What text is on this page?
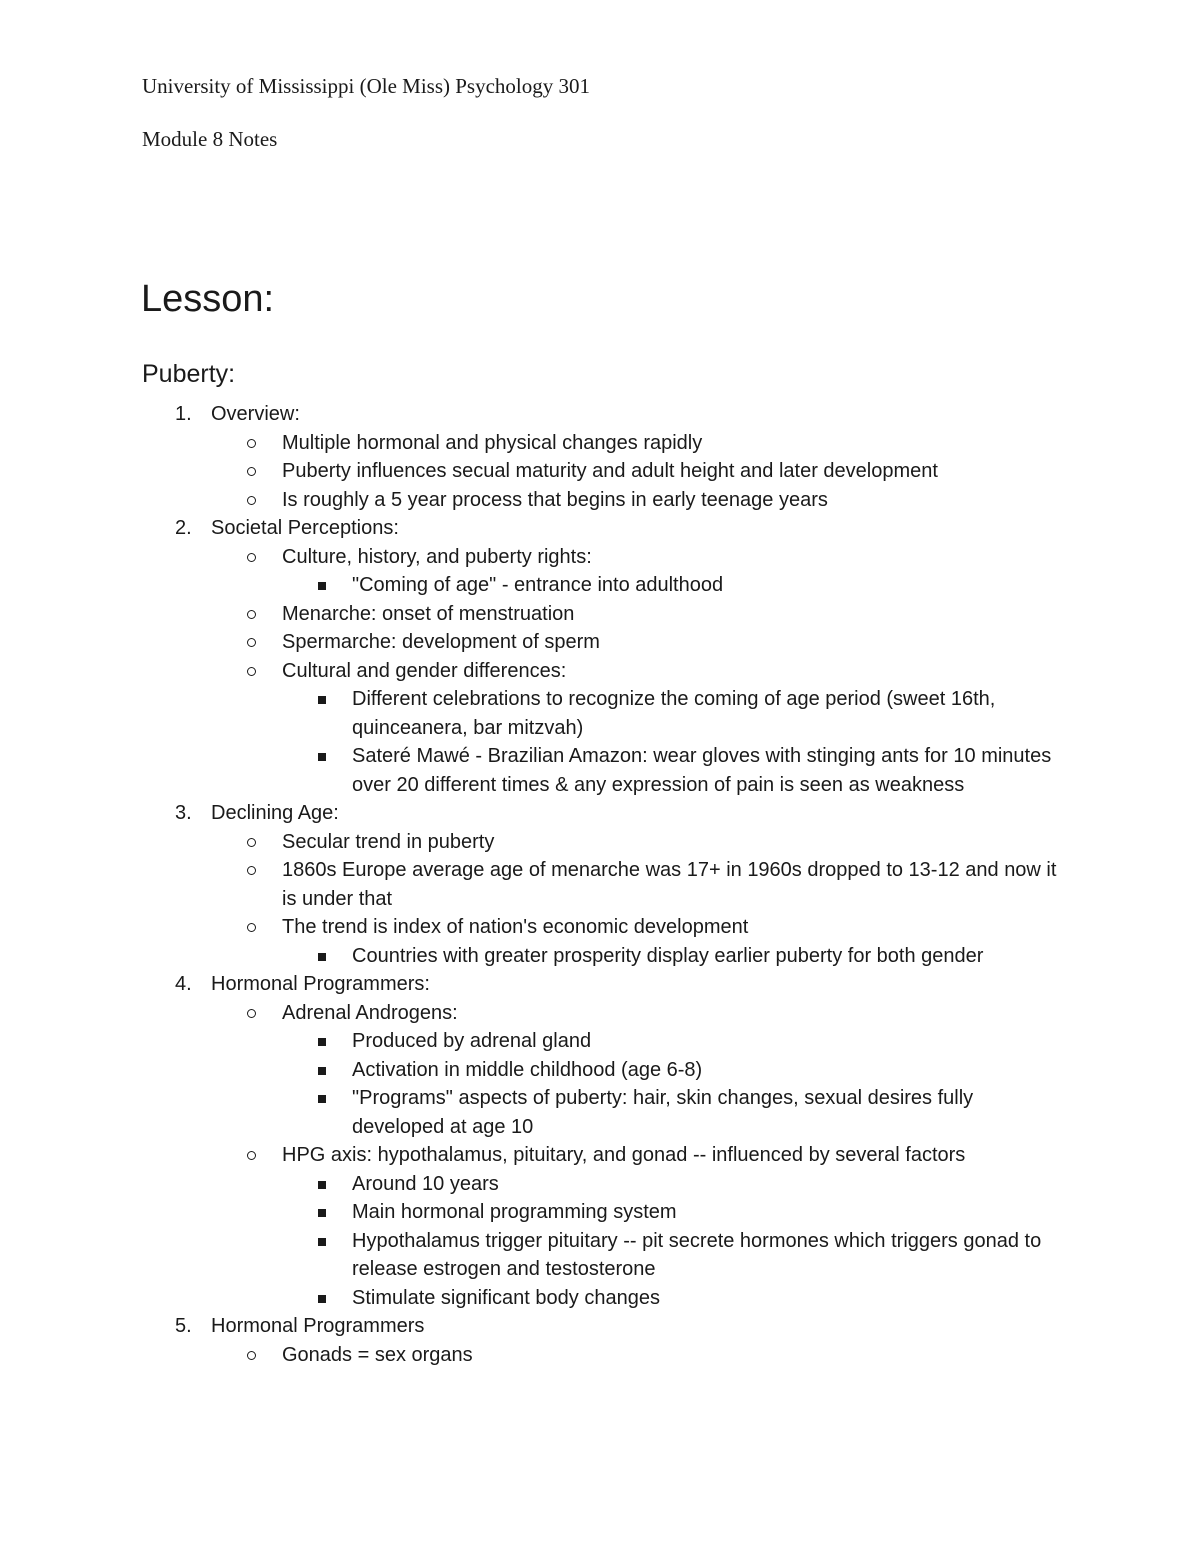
University of Mississippi (Ole Miss) Psychology 301
Module 8 Notes
Lesson:
Puberty:
1. Overview:
Multiple hormonal and physical changes rapidly
Puberty influences secual maturity and adult height and later development
Is roughly a 5 year process that begins in early teenage years
2. Societal Perceptions:
Culture, history, and puberty rights:
"Coming of age" - entrance into adulthood
Menarche: onset of menstruation
Spermarche: development of sperm
Cultural and gender differences:
Different celebrations to recognize the coming of age period (sweet 16th, quinceanera, bar mitzvah)
Sateré Mawé - Brazilian Amazon: wear gloves with stinging ants for 10 minutes over 20 different times & any expression of pain is seen as weakness
3. Declining Age:
Secular trend in puberty
1860s Europe average age of menarche was 17+ in 1960s dropped to 13-12 and now it is under that
The trend is index of nation's economic development
Countries with greater prosperity display earlier puberty for both gender
4. Hormonal Programmers:
Adrenal Androgens:
Produced by adrenal gland
Activation in middle childhood (age 6-8)
"Programs" aspects of puberty: hair, skin changes, sexual desires fully developed at age 10
HPG axis: hypothalamus, pituitary, and gonad -- influenced by several factors
Around 10 years
Main hormonal programming system
Hypothalamus trigger pituitary -- pit secrete hormones which triggers gonad to release estrogen and testosterone
Stimulate significant body changes
5. Hormonal Programmers
Gonads = sex organs
